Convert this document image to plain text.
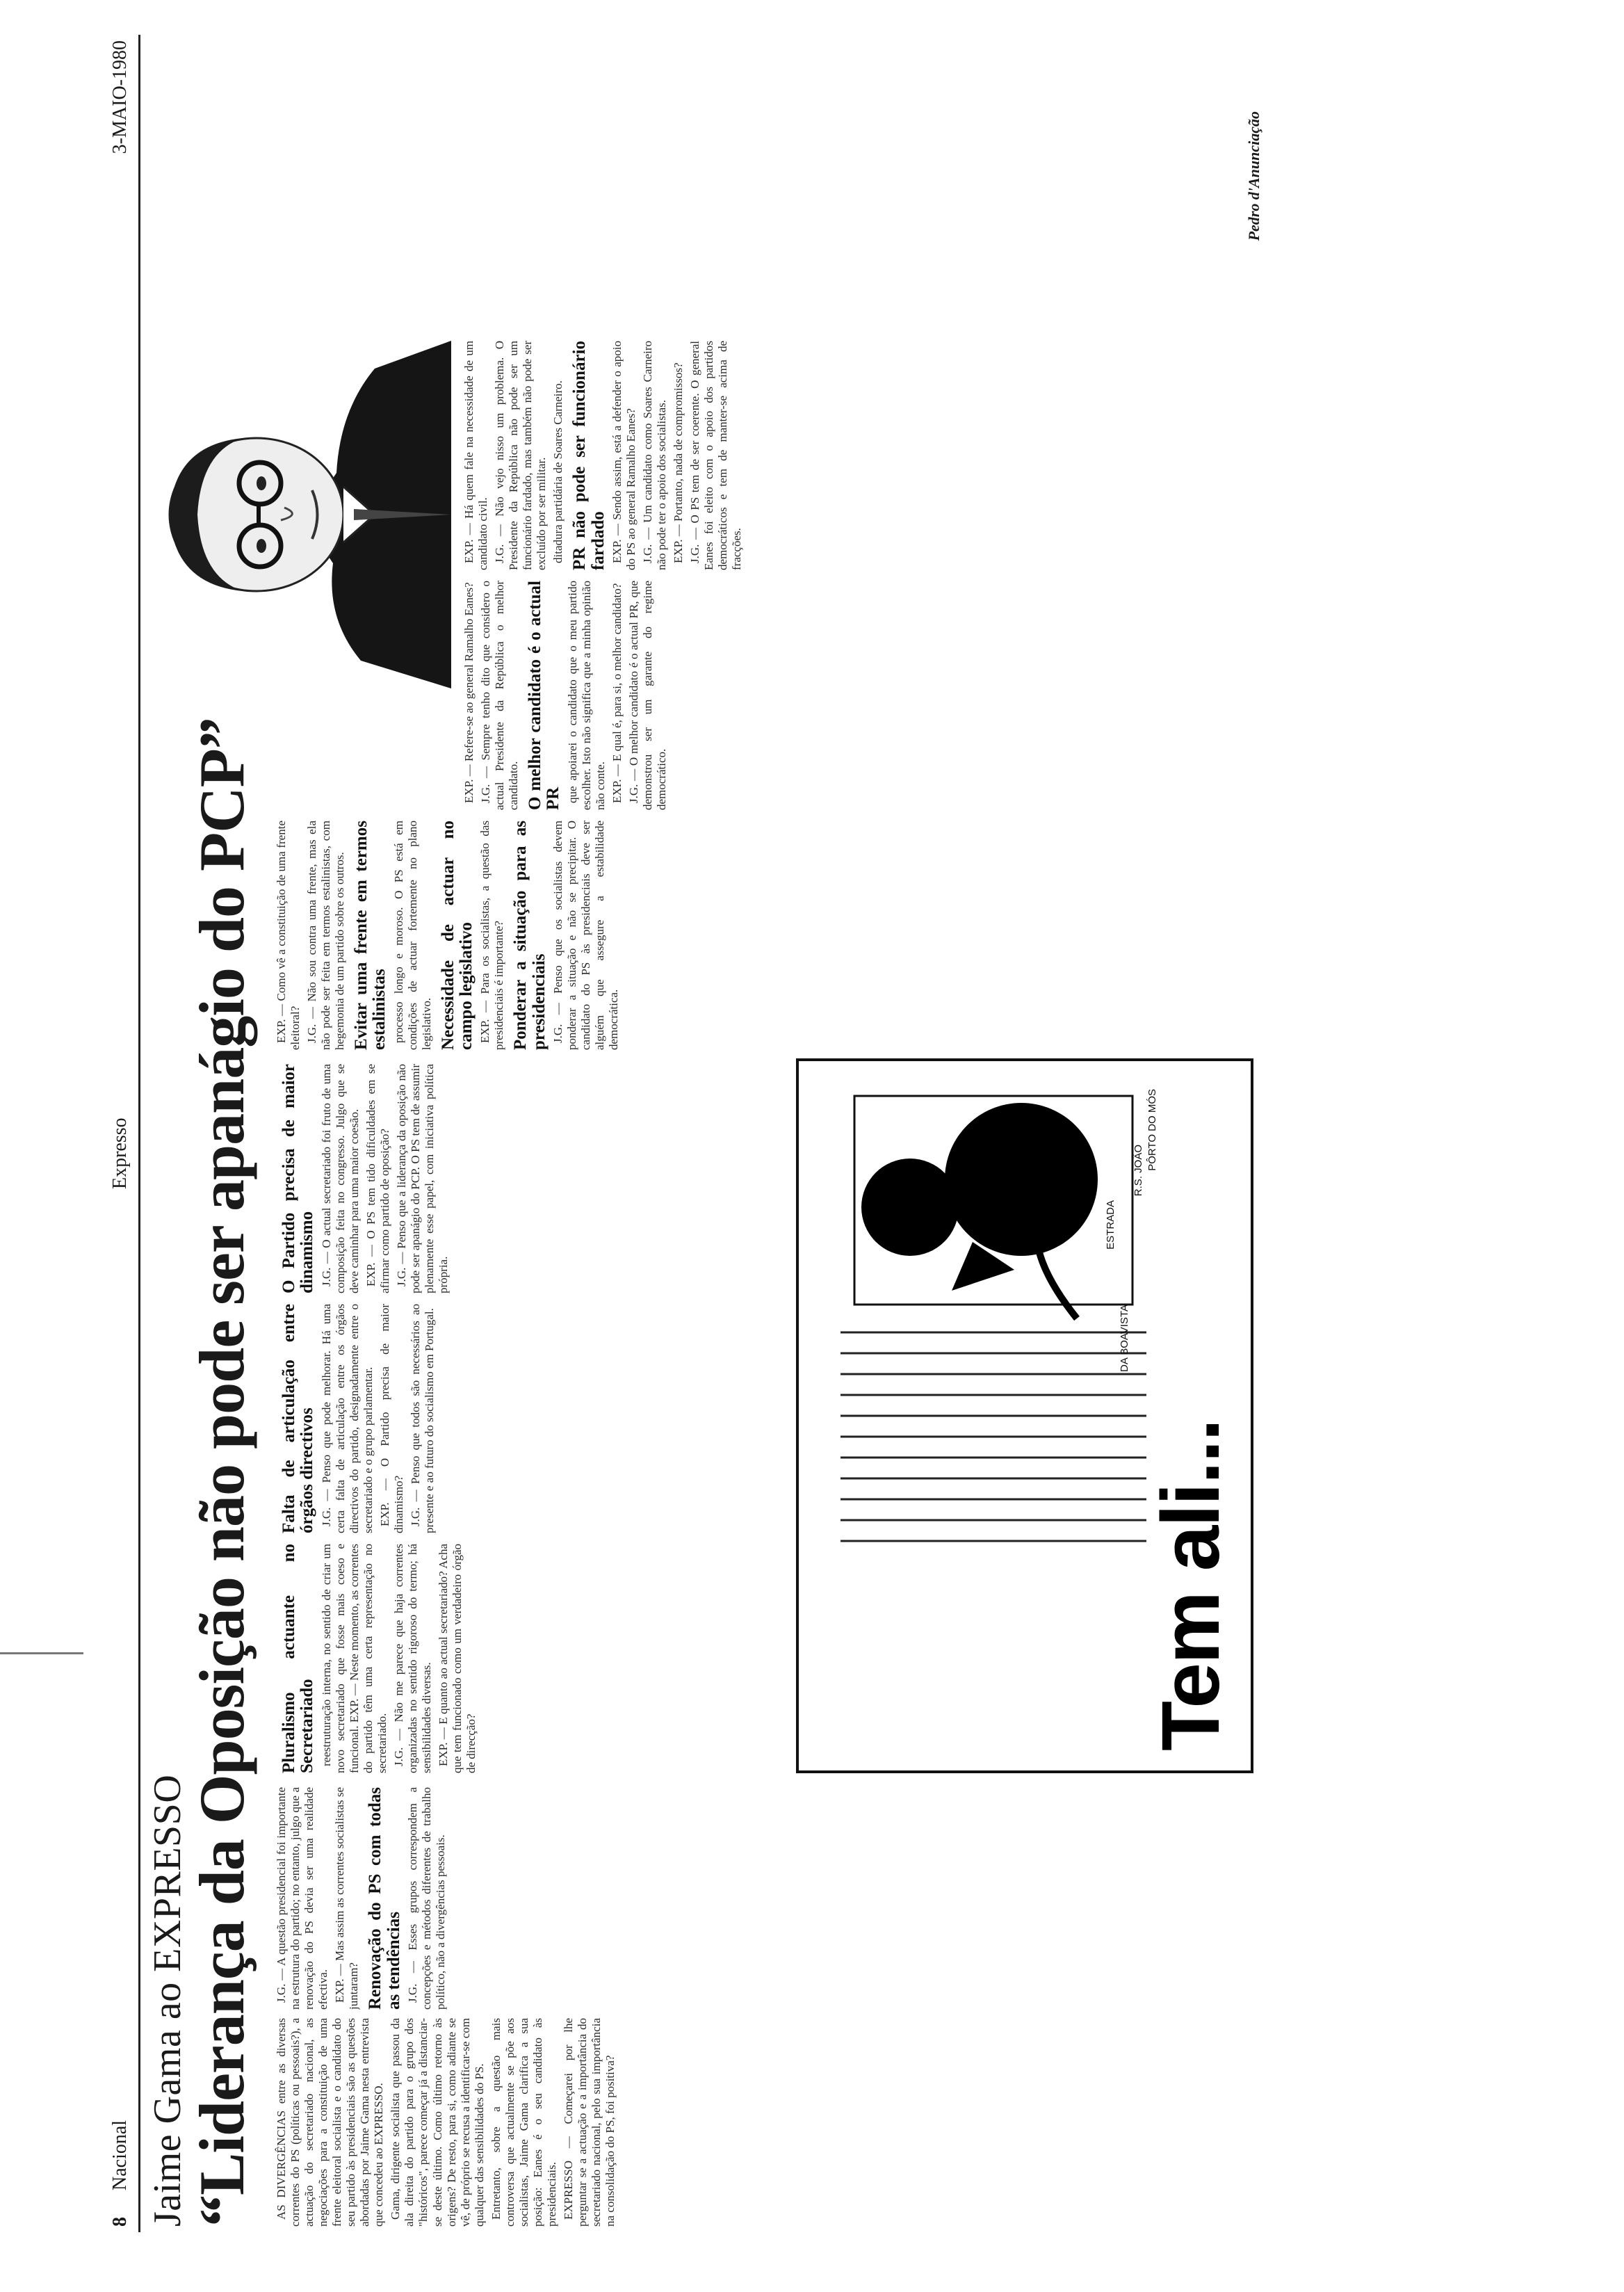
8
Nacional
Expresso
3-MAIO-1980
Jaime Gama ao EXPRESSO
“Liderança da Oposição não pode ser apanágio do PCP” AS DIVERGÊNCIAS entre as diversas correntes do PS (políticas ou pessoais?), a actuação do secretariado nacional, as negociações para a constituição de uma frente eleitoral socialista e o candidato do seu partido às presidenciais são as questões abordadas por Jaime Gama nesta entrevista que concedeu ao EXPRESSO. Gama, dirigente socialista que passou da ala direita do partido para o grupo dos "históricos", parece começar já a distanciar-se deste último. Como último retorno às origens? De resto, para si, como adiante se vê, de próprio se recusa a identificar-se com qualquer das sensibilidades do PS. Entretanto, sobre a questão mais controversa que actualmente se põe aos socialistas, Jaime Gama clarifica a sua posição: Eanes é o seu candidato às presidenciais. EXPRESSO — Começarei por lhe perguntar se a actuação e a importância do secretariado nacional, pelo sua importância na consolidação do PS, foi positiva?

J.G. — A questão presidencial foi importante na estrutura do partido; no entanto, julgo que a renovação do PS devia ser uma realidade efectiva. EXP. — Mas assim as correntes socialistas se juntaram? Renovação do PS com todas as tendências J.G. — Esses grupos correspondem a concepções e métodos diferentes de trabalho político, não a divergências pessoais.

Pluralismo actuante no Secretariado reestruturação interna, no sentido de criar um novo secretariado que fosse mais coeso e funcional. EXP. — Neste momento, as correntes do partido têm uma certa representação no secretariado. J.G. — Não me parece que haja correntes organizadas no sentido rigoroso do termo; há sensibilidades diversas. EXP. — E quanto ao actual secretariado? Acha que tem funcionado como um verdadeiro órgão de direcção?

Falta de articulação entre órgãos directivos J.G. — Penso que pode melhorar. Há uma certa falta de articulação entre os órgãos directivos do partido, designadamente entre o secretariado e o grupo parlamentar. EXP. — O Partido precisa de maior dinamismo? J.G. — Penso que todos são necessários ao presente e ao futuro do socialismo em Portugal.

O Partido precisa de maior dinamismo J.G. — O actual secretariado foi fruto de uma composição feita no congresso. Julgo que se deve caminhar para uma maior coesão. EXP. — O PS tem tido dificuldades em se afirmar como partido de oposição? J.G. — Penso que a liderança da oposição não pode ser apanágio do PCP. O PS tem de assumir plenamente esse papel, com iniciativa política própria.

EXP. — Como vê a constituição de uma frente eleitoral? J.G. — Não sou contra uma frente, mas ela não pode ser feita em termos estalinistas, com hegemonia de um partido sobre os outros. Evitar uma frente em termos estalinistas processo longo e moroso. O PS está em condições de actuar fortemente no plano legislativo. Necessidade de actuar no campo legislativo EXP. — Para os socialistas, a questão das presidenciais é importante? Ponderar a situação para as presidenciais J.G. — Penso que os socialistas devem ponderar a situação e não se precipitar. O candidato do PS às presidenciais deve ser alguém que assegure a estabilidade democrática.

EXP. — Refere-se ao general Ramalho Eanes? J.G. — Sempre tenho dito que considero o actual Presidente da República o melhor candidato. O melhor candidato é o actual PR que apoiarei o candidato que o meu partido escolher. Isto não significa que a minha opinião não conte. EXP. — E qual é, para si, o melhor candidato? J.G. — O melhor candidato é o actual PR, que demonstrou ser um garante do regime democrático.

EXP. — Há quem fale na necessidade de um candidato civil. J.G. — Não vejo nisso um problema. O Presidente da República não pode ser um funcionário fardado, mas também não pode ser excluído por ser militar. ditadura partidária de Soares Carneiro. PR não pode ser funcionário fardado EXP. — Sendo assim, está a defender o apoio do PS ao general Ramalho Eanes? J.G. — Um candidato como Soares Carneiro não pode ter o apoio dos socialistas. EXP. — Portanto, nada de compromissos? J.G. — O PS tem de ser coerente. O general Eanes foi eleito com o apoio dos partidos democráticos e tem de manter-se acima de fracções.

Pedro d'Anunciação
DA BOAVISTA
ESTRADA
R.S. JOÃO PÔRTO DO MÓS
Tem ali...
